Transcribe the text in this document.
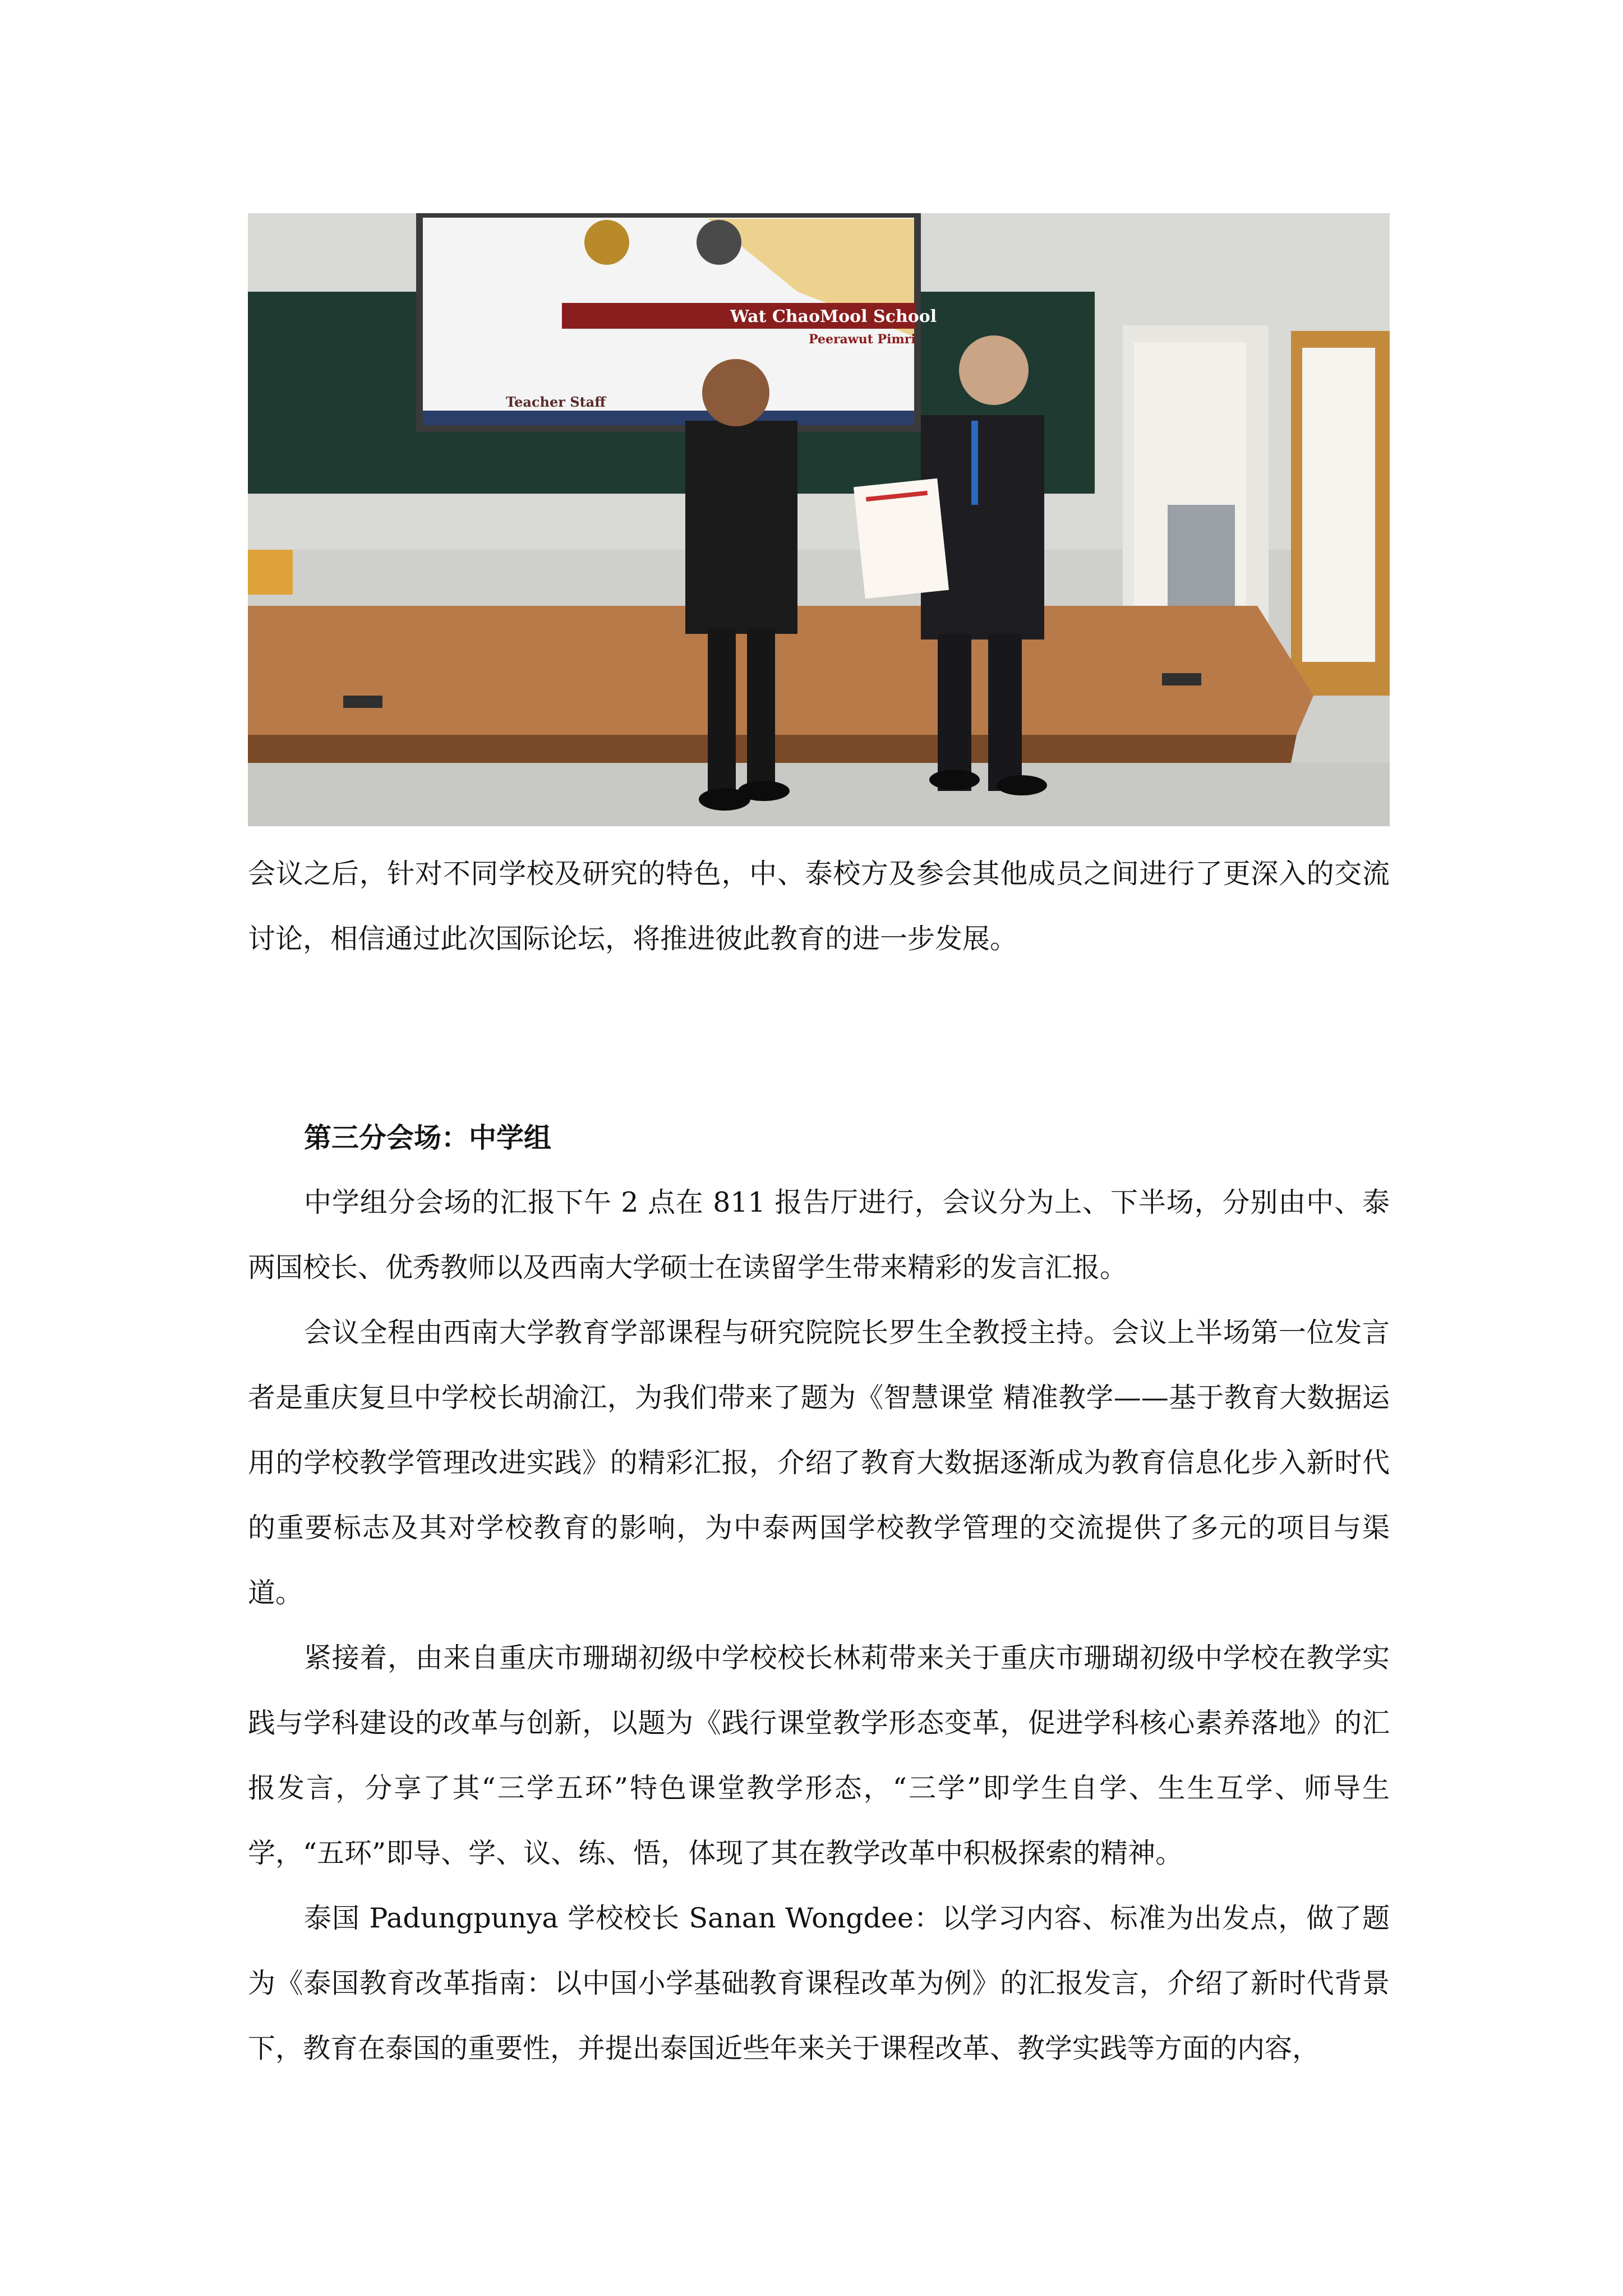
Wat ChaoMool School
Peerawut Pimri
Teacher Staff

会议之后，针对不同学校及研究的特色，中、泰校方及参会其他成员之间进行了更深入的交流讨论，相信通过此次国际论坛，将推进彼此教育的进一步发展。

第三分会场：中学组

中学组分会场的汇报下午 2 点在 811 报告厅进行，会议分为上、下半场，分别由中、泰两国校长、优秀教师以及西南大学硕士在读留学生带来精彩的发言汇报。

会议全程由西南大学教育学部课程与研究院院长罗生全教授主持。会议上半场第一位发言者是重庆复旦中学校长胡渝江，为我们带来了题为《智慧课堂 精准教学——基于教育大数据运用的学校教学管理改进实践》的精彩汇报，介绍了教育大数据逐渐成为教育信息化步入新时代的重要标志及其对学校教育的影响，为中泰两国学校教学管理的交流提供了多元的项目与渠道。

紧接着，由来自重庆市珊瑚初级中学校校长林莉带来关于重庆市珊瑚初级中学校在教学实践与学科建设的改革与创新，以题为《践行课堂教学形态变革，促进学科核心素养落地》的汇报发言，分享了其“三学五环”特色课堂教学形态，“三学”即学生自学、生生互学、师导生学，“五环”即导、学、议、练、悟，体现了其在教学改革中积极探索的精神。

泰国 Padungpunya 学校校长 Sanan Wongdee：以学习内容、标准为出发点，做了题为《泰国教育改革指南：以中国小学基础教育课程改革为例》的汇报发言，介绍了新时代背景下，教育在泰国的重要性，并提出泰国近些年来关于课程改革、教学实践等方面的内容，
